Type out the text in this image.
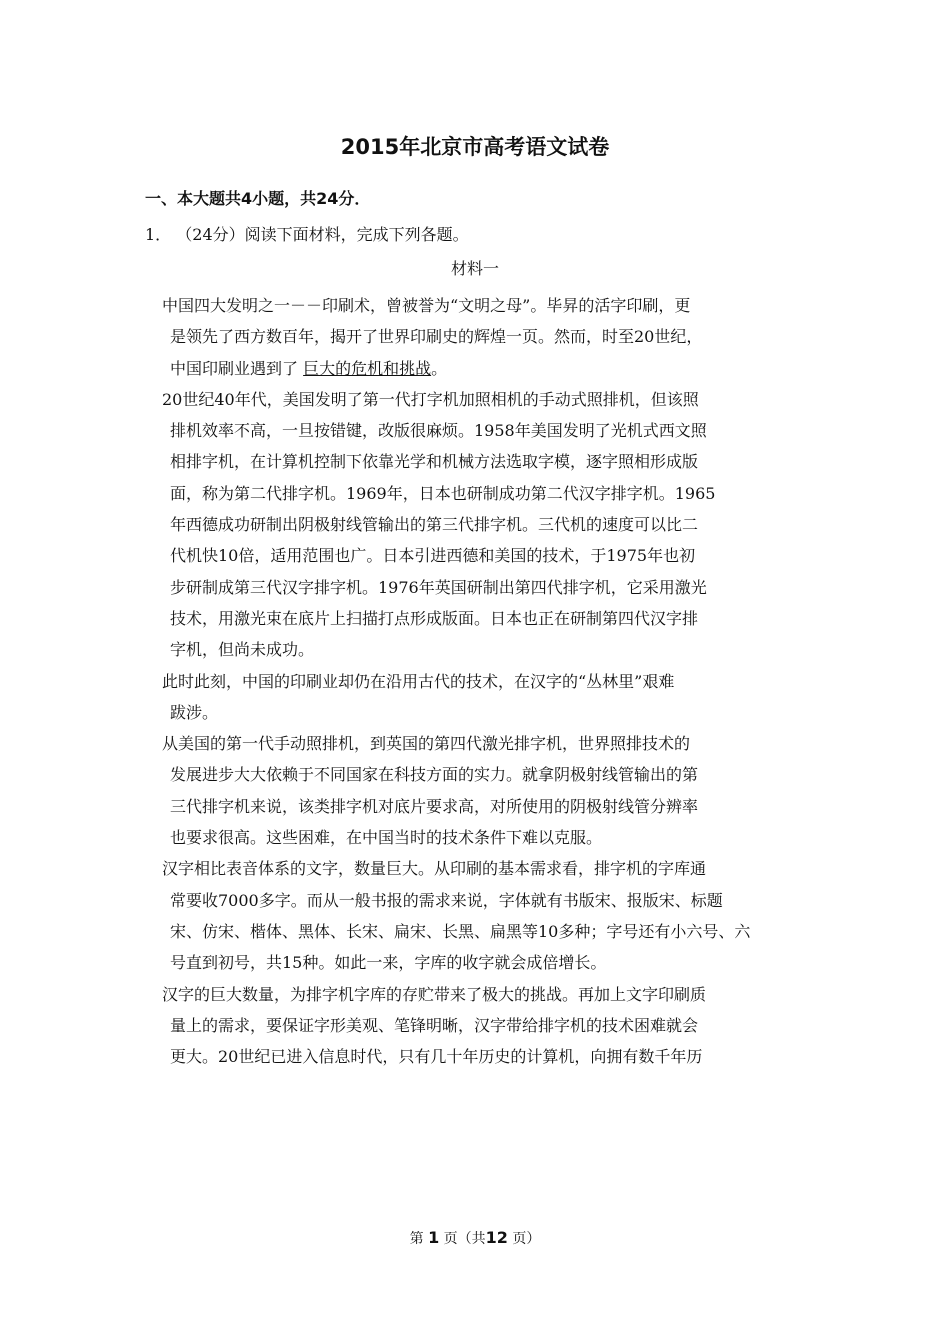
2015年北京市高考语文试卷
一、本大题共4小题，共24分．
1． （24分）阅读下面材料，完成下列各题。
材料一

中国四大发明之一－－印刷术，曾被誉为“文明之母”。毕昇的活字印刷，更
是领先了西方数百年，揭开了世界印刷史的辉煌一页。然而，时至20世纪，
中国印刷业遇到了 巨大的危机和挑战。

20世纪40年代，美国发明了第一代打字机加照相机的手动式照排机，但该照
排机效率不高，一旦按错键，改版很麻烦。1958年美国发明了光机式西文照
相排字机，在计算机控制下依靠光学和机械方法选取字模，逐字照相形成版
面，称为第二代排字机。1969年，日本也研制成功第二代汉字排字机。1965
年西德成功研制出阴极射线管输出的第三代排字机。三代机的速度可以比二
代机快10倍，适用范围也广。日本引进西德和美国的技术，于1975年也初
步研制成第三代汉字排字机。1976年英国研制出第四代排字机，它采用激光
技术，用激光束在底片上扫描打点形成版面。日本也正在研制第四代汉字排
字机，但尚未成功。

此时此刻，中国的印刷业却仍在沿用古代的技术，在汉字的“丛林里”艰难
跋涉。

从美国的第一代手动照排机，到英国的第四代激光排字机，世界照排技术的
发展进步大大依赖于不同国家在科技方面的实力。就拿阴极射线管输出的第
三代排字机来说，该类排字机对底片要求高，对所使用的阴极射线管分辨率
也要求很高。这些困难，在中国当时的技术条件下难以克服。

汉字相比表音体系的文字，数量巨大。从印刷的基本需求看，排字机的字库通
常要收7000多字。而从一般书报的需求来说，字体就有书版宋、报版宋、标题
宋、仿宋、楷体、黑体、长宋、扁宋、长黑、扁黑等10多种；字号还有小六号、六
号直到初号，共15种。如此一来，字库的收字就会成倍增长。

汉字的巨大数量，为排字机字库的存贮带来了极大的挑战。再加上文字印刷质
量上的需求，要保证字形美观、笔锋明晰，汉字带给排字机的技术困难就会
更大。20世纪已进入信息时代，只有几十年历史的计算机，向拥有数千年历

第 1 页（共12 页）
